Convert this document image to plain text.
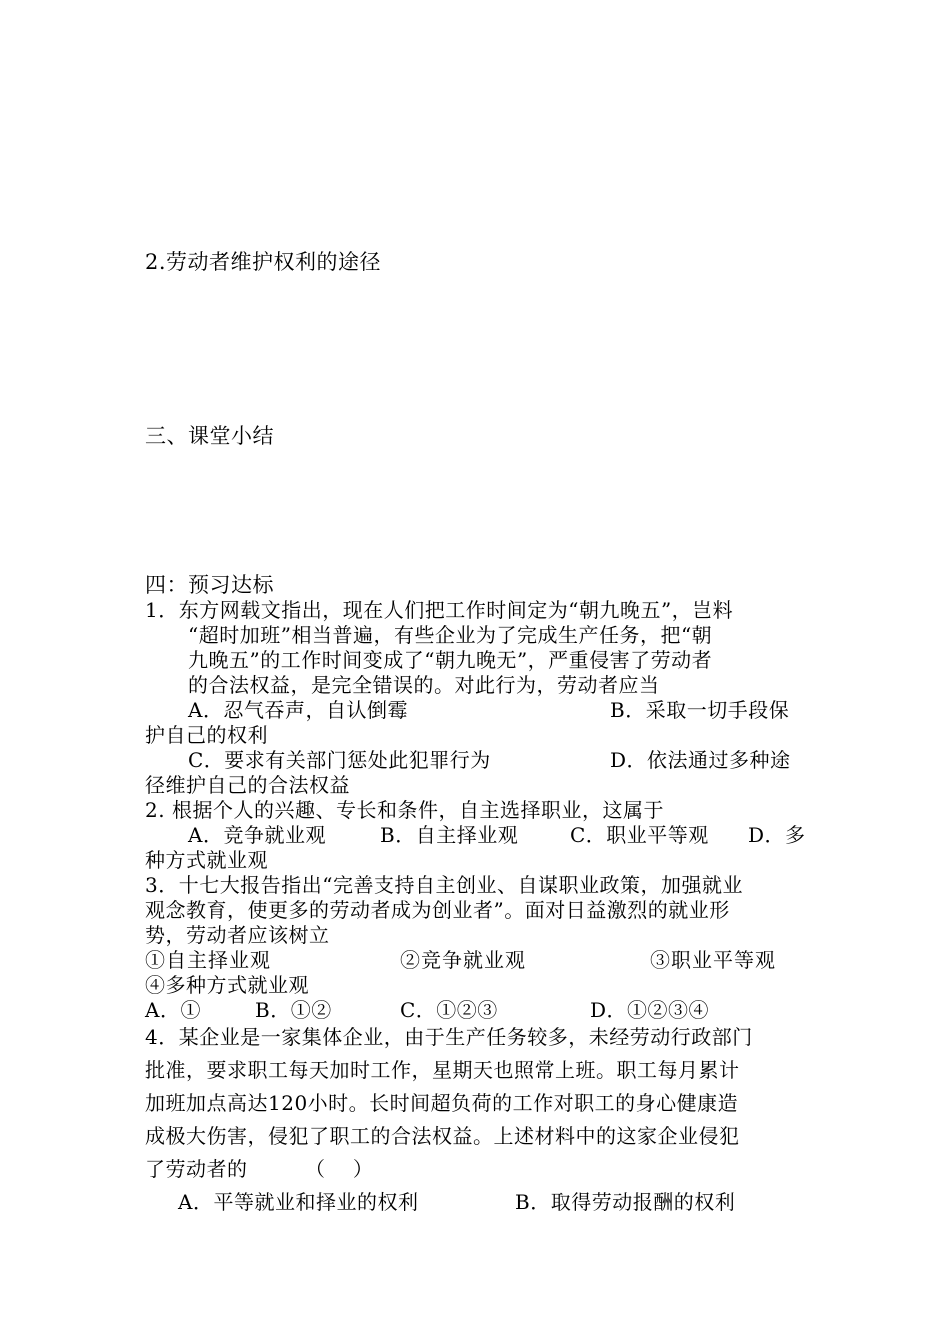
2.劳动者维护权利的途径
三、课堂小结
四：预习达标
1．东方网载文指出，现在人们把工作时间定为“朝九晚五”，岂料
“超时加班”相当普遍，有些企业为了完成生产任务，把“朝
九晚五”的工作时间变成了“朝九晚无”，严重侵害了劳动者
的合法权益，是完全错误的。对此行为，劳动者应当
A．忍气吞声，自认倒霉	B．采取一切手段保
护自己的权利
C．要求有关部门惩处此犯罪行为	D．依法通过多种途
径维护自己的合法权益
2. 根据个人的兴趣、专长和条件，自主选择职业，这属于
A．竞争就业观	B．自主择业观	C．职业平等观	D．多
种方式就业观
3．十七大报告指出“完善支持自主创业、自谋职业政策，加强就业
观念教育，使更多的劳动者成为创业者”。面对日益激烈的就业形
势，劳动者应该树立
①自主择业观	②竞争就业观	③职业平等观
④多种方式就业观
A．①	B．①②	C．①②③	D．①②③④
4．某企业是一家集体企业，由于生产任务较多，未经劳动行政部门
批准，要求职工每天加时工作，星期天也照常上班。职工每月累计
加班加点高达120小时。长时间超负荷的工作对职工的身心健康造
成极大伤害，侵犯了职工的合法权益。上述材料中的这家企业侵犯
了劳动者的	（    ）
A．平等就业和择业的权利	B．取得劳动报酬的权利
